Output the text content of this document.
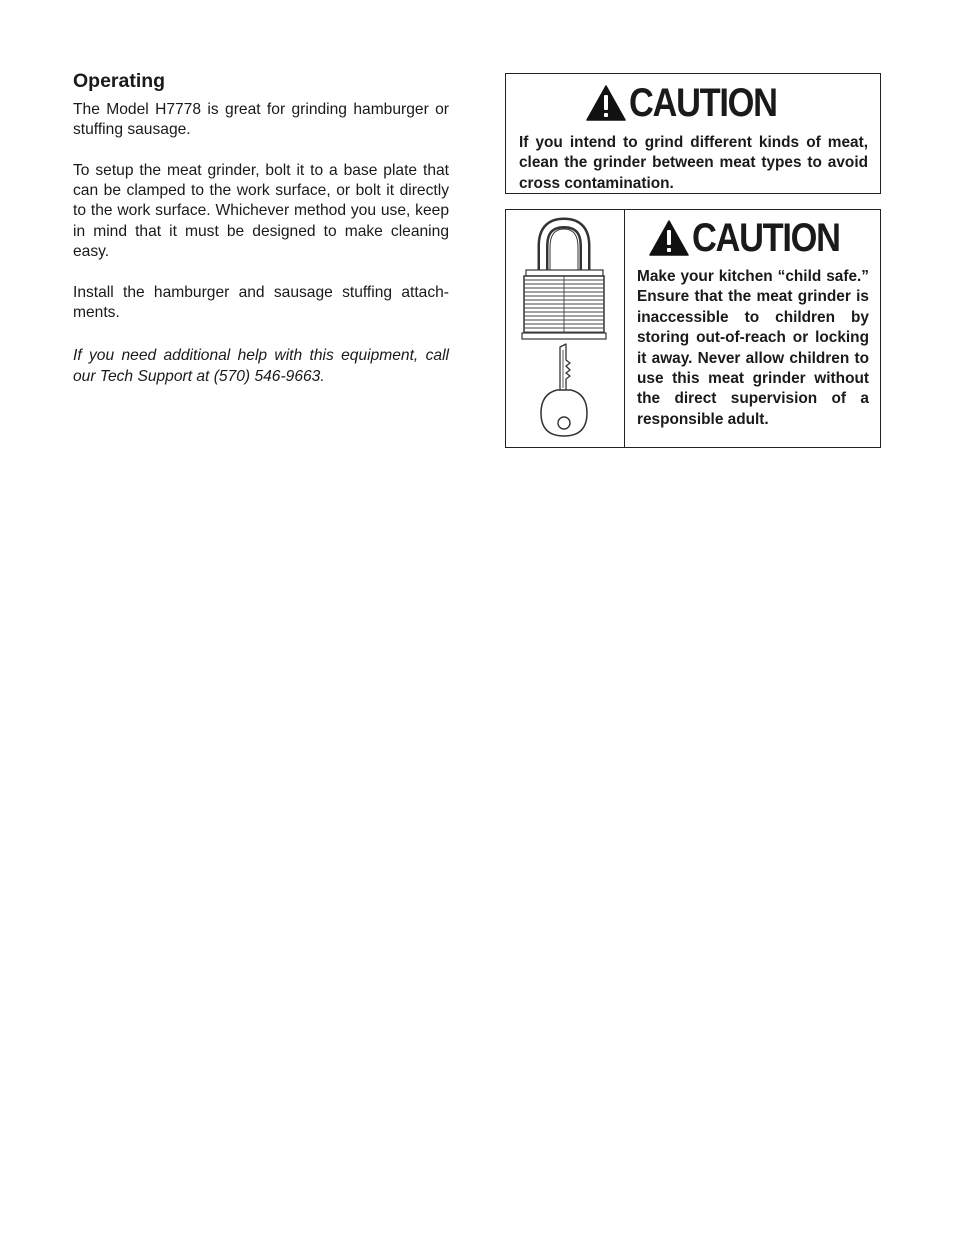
Operating

The Model H7778 is great for grinding hamburger or stuffing sausage.

To setup the meat grinder, bolt it to a base plate that can be clamped to the work surface, or bolt it directly to the work surface. Whichever method you use, keep in mind that it must be designed to make cleaning easy.

Install the hamburger and sausage stuffing attach-ments.

If you need additional help with this equipment, call our Tech Support at (570) 546-9663.

CAUTION
If you intend to grind different kinds of meat, clean the grinder between meat types to avoid cross contamination.
CAUTION
Make your kitchen “child safe.” Ensure that the meat grinder is inaccessible to children by storing out-of-reach or locking it away. Never allow children to use this meat grinder without the direct supervision of a responsible adult.
